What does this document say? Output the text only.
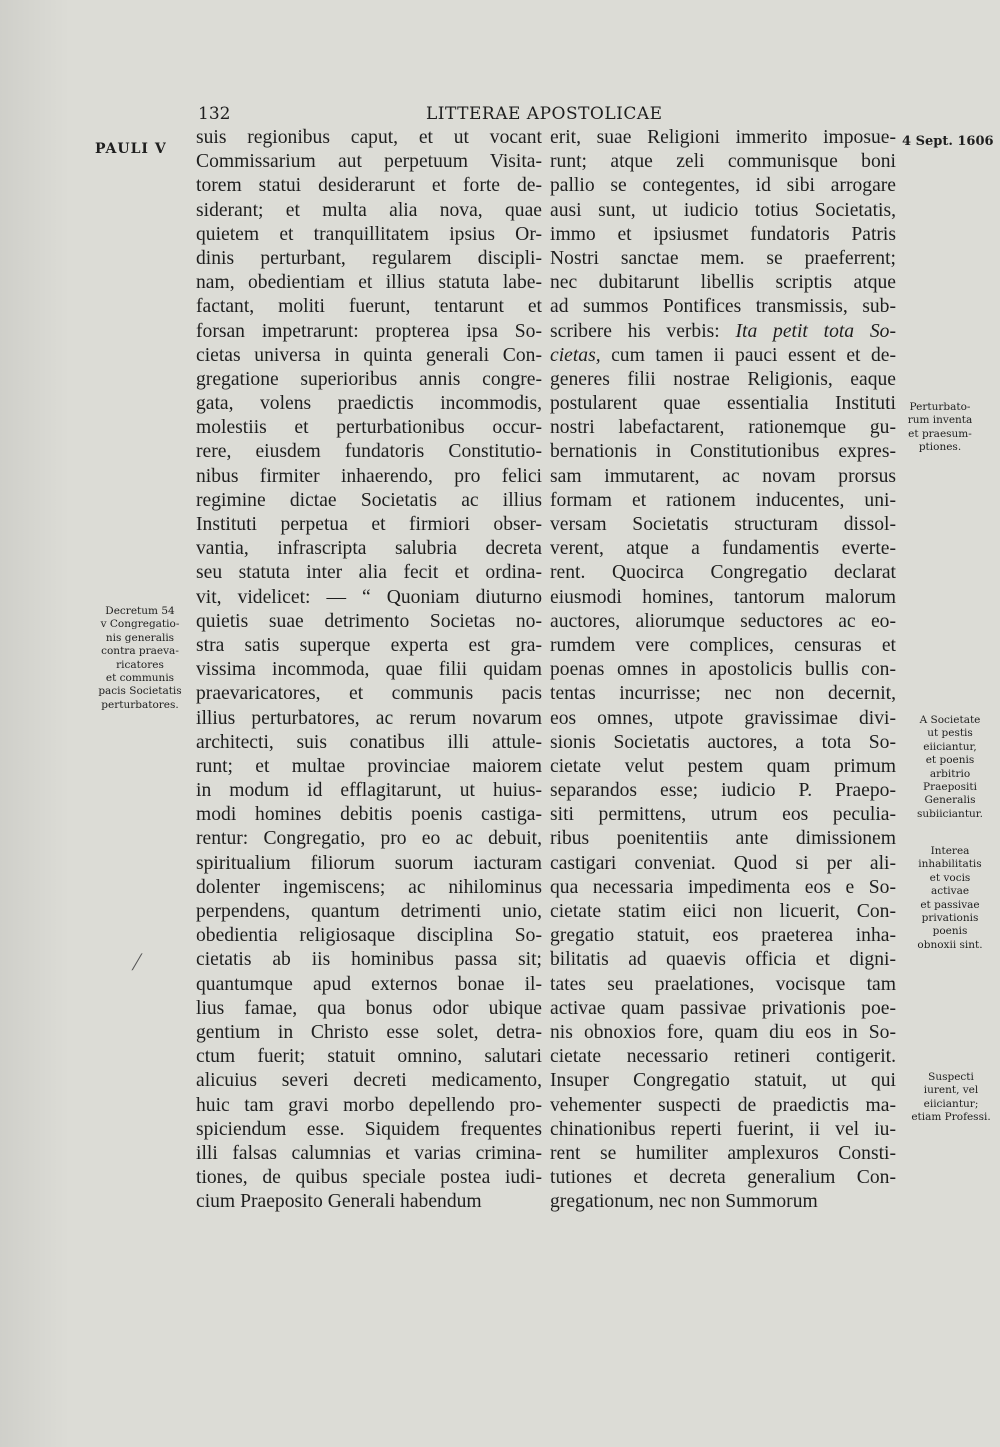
132	LITTERAE APOSTOLICAE
PAULI V	4 Sept. 1606
suis regionibus caput, et ut vocant
Commissarium aut perpetuum Visita-
torem statui desiderarunt et forte de-
siderant; et multa alia nova, quae
quietem et tranquillitatem ipsius Or-
dinis perturbant, regularem discipli-
nam, obedientiam et illius statuta labe-
factant, moliti fuerunt, tentarunt et
forsan impetrarunt: propterea ipsa So-
cietas universa in quinta generali Con-
gregatione superioribus annis congre-
gata, volens praedictis incommodis,
molestiis et perturbationibus occur-
rere, eiusdem fundatoris Constitutio-
nibus firmiter inhaerendo, pro felici
regimine dictae Societatis ac illius
Instituti perpetua et firmiori obser-
vantia, infrascripta salubria decreta
seu statuta inter alia fecit et ordina-
vit, videlicet: — “ Quoniam diuturno
quietis suae detrimento Societas no-
stra satis superque experta est gra-
vissima incommoda, quae filii quidam
praevaricatores, et communis pacis
illius perturbatores, ac rerum novarum
architecti, suis conatibus illi attule-
runt; et multae provinciae maiorem
in modum id efflagitarunt, ut huius-
modi homines debitis poenis castiga-
rentur: Congregatio, pro eo ac debuit,
spiritualium filiorum suorum iacturam
dolenter ingemiscens; ac nihilominus
perpendens, quantum detrimenti unio,
obedientia religiosaque disciplina So-
cietatis ab iis hominibus passa sit;
quantumque apud externos bonae il-
lius famae, qua bonus odor ubique
gentium in Christo esse solet, detra-
ctum fuerit; statuit omnino, salutari
alicuius severi decreti medicamento,
huic tam gravi morbo depellendo pro-
spiciendum esse. Siquidem frequentes
illi falsas calumnias et varias crimina-
tiones, de quibus speciale postea iudi-
cium Praeposito Generali habendum
erit, suae Religioni immerito imposue-
runt; atque zeli communisque boni
pallio se contegentes, id sibi arrogare
ausi sunt, ut iudicio totius Societatis,
immo et ipsiusmet fundatoris Patris
Nostri sanctae mem. se praeferrent;
nec dubitarunt libellis scriptis atque
ad summos Pontifices transmissis, sub-
scribere his verbis: Ita petit tota So-
cietas, cum tamen ii pauci essent et de-
generes filii nostrae Religionis, eaque
postularent quae essentialia Instituti
nostri labefactarent, rationemque gu-
bernationis in Constitutionibus expres-
sam immutarent, ac novam prorsus
formam et rationem inducentes, uni-
versam Societatis structuram dissol-
verent, atque a fundamentis everte-
rent. Quocirca Congregatio declarat
eiusmodi homines, tantorum malorum
auctores, aliorumque seductores ac eo-
rumdem vere complices, censuras et
poenas omnes in apostolicis bullis con-
tentas incurrisse; nec non decernit,
eos omnes, utpote gravissimae divi-
sionis Societatis auctores, a tota So-
cietate velut pestem quam primum
separandos esse; iudicio P. Praepo-
siti permittens, utrum eos peculia-
ribus poenitentiis ante dimissionem
castigari conveniat. Quod si per ali-
qua necessaria impedimenta eos e So-
cietate statim eiici non licuerit, Con-
gregatio statuit, eos praeterea inha-
bilitatis ad quaevis officia et digni-
tates seu praelationes, vocisque tam
activae quam passivae privationis poe-
nis obnoxios fore, quam diu eos in So-
cietate necessario retineri contigerit.
Insuper Congregatio statuit, ut qui
vehementer suspecti de praedictis ma-
chinationibus reperti fuerint, ii vel iu-
rent se humiliter amplexuros Consti-
tutiones et decreta generalium Con-
gregationum, nec non Summorum
Decretum 54
v Congregatio-
nis generalis
contra praeva-
ricatores
et communis
pacis Societatis
perturbatores.
Perturbato-
rum inventa
et praesum-
ptiones.
A Societate
ut pestis
eiiciantur,
et poenis
arbitrio
Praepositi
Generalis
subiiciantur.
Interea
inhabilitatis
et vocis
activae
et passivae
privationis
poenis
obnoxii sint.
Suspecti
iurent, vel
eiiciantur;
etiam Professi.
⟋
